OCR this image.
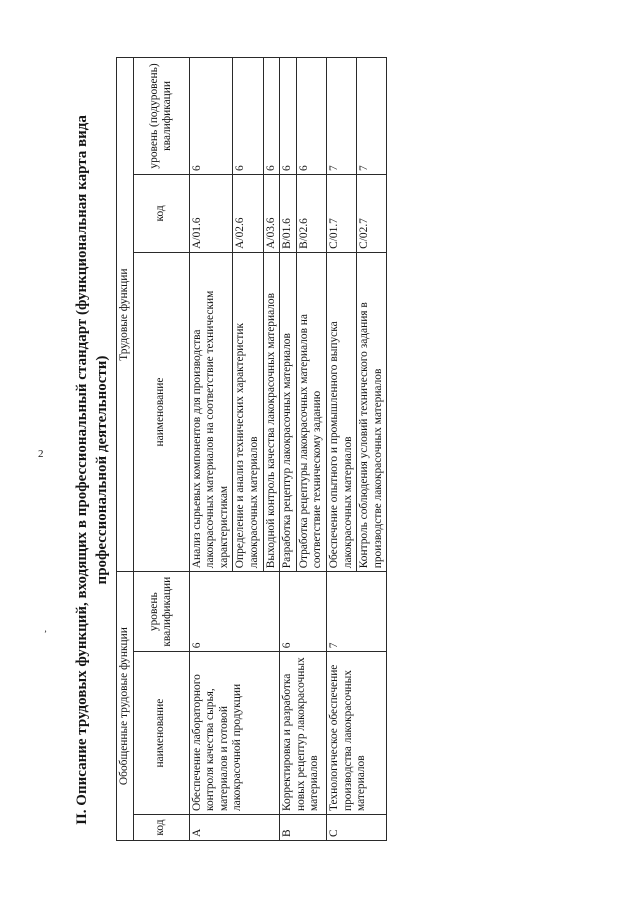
2
ʼ II. Описание трудовых функций, входящих в профессиональный стандарт (функциональная карта вида профессиональной деятельности)
Обобщенные трудовые функции			Трудовые функции		
код	наименование	уровень квалификации	наименование	код	уровень (подуровень) квалификации
A	Обеспечение лабораторного контроля качества сырья, материалов и готовой лакокрасочной продукции	6	Анализ сырьевых компонентов для производства лакокрасочных материалов на соответствие техническим характеристикам	A/01.6	6
			Определение и анализ технических характеристик лакокрасочных материалов	A/02.6	6
			Выходной контроль качества лакокрасочных материалов	A/03.6	6
B	Корректировка и разработка новых рецептур лакокрасочных материалов	6	Разработка рецептур лакокрасочных материалов	B/01.6	6
			Отработка рецептуры лакокрасочных материалов на соответствие техническому заданию	B/02.6	6
C	Технологическое обеспечение производства лакокрасочных материалов	7	Обеспечение опытного и промышленного выпуска лакокрасочных материалов	C/01.7	7
			Контроль соблюдения условий технического задания в производстве лакокрасочных материалов	C/02.7	7
